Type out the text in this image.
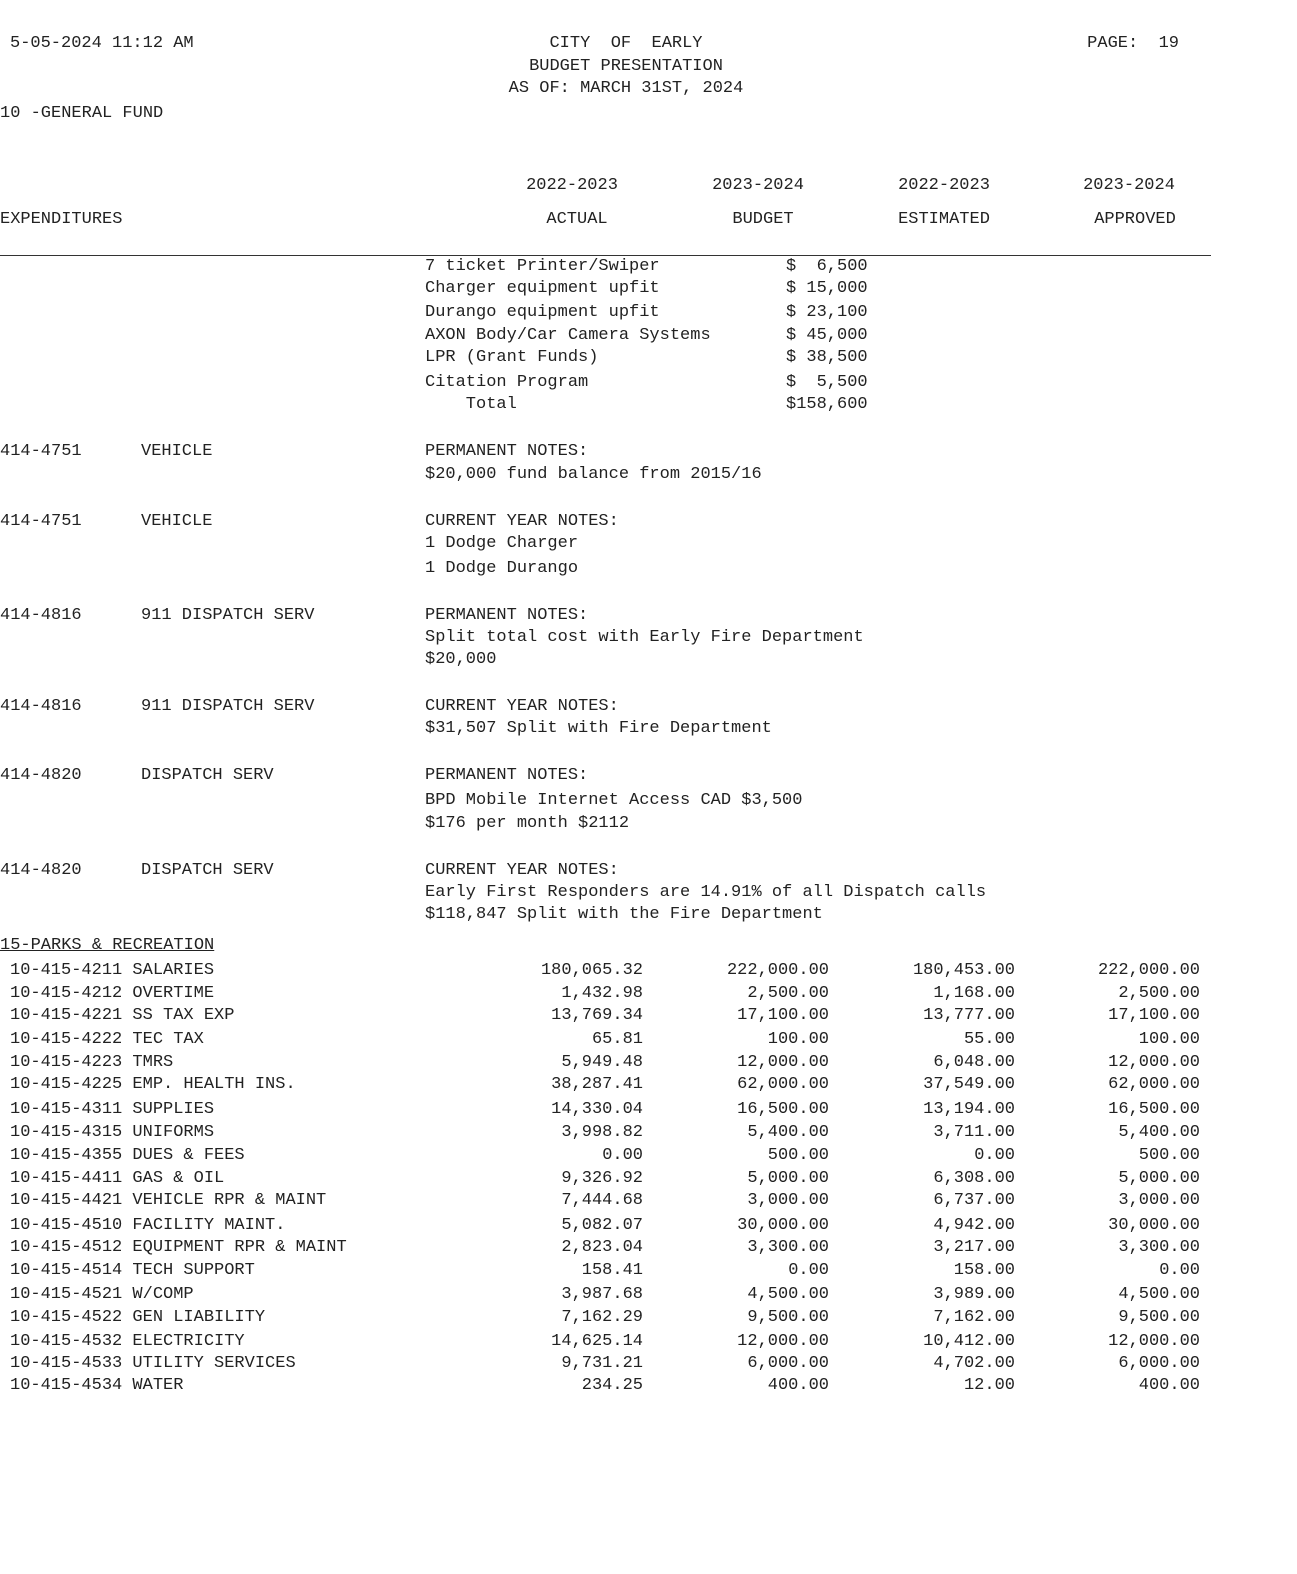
5-05-2024 11:12 AM	CITY  OF  EARLY
BUDGET PRESENTATION
AS OF: MARCH 31ST, 2024
PAGE:  19
10 -GENERAL FUND
EXPENDITURES
2022-2023	2023-2024	2022-2023	2023-2024
ACTUAL	BUDGET	ESTIMATED	APPROVED
7 ticket Printer/Swiper	$  6,500
Charger equipment upfit	$ 15,000
Durango equipment upfit	$ 23,100
AXON Body/Car Camera Systems	$ 45,000
LPR (Grant Funds)	$ 38,500
Citation Program	$  5,500
Total	$158,600
414-4751	VEHICLE	PERMANENT NOTES:
$20,000 fund balance from 2015/16
414-4751	VEHICLE	CURRENT YEAR NOTES:
1 Dodge Charger
1 Dodge Durango
414-4816	911 DISPATCH SERV	PERMANENT NOTES:
Split total cost with Early Fire Department
$20,000
414-4816	911 DISPATCH SERV	CURRENT YEAR NOTES:
$31,507 Split with Fire Department
414-4820	DISPATCH SERV	PERMANENT NOTES:
BPD Mobile Internet Access CAD $3,500
$176 per month $2112
414-4820	DISPATCH SERV	CURRENT YEAR NOTES:
Early First Responders are 14.91% of all Dispatch calls
$118,847 Split with the Fire Department
15-PARKS & RECREATION
10-415-4211 SALARIES	180,065.32	222,000.00	180,453.00	222,000.00
10-415-4212 OVERTIME	1,432.98	2,500.00	1,168.00	2,500.00
10-415-4221 SS TAX EXP	13,769.34	17,100.00	13,777.00	17,100.00
10-415-4222 TEC TAX	65.81	100.00	55.00	100.00
10-415-4223 TMRS	5,949.48	12,000.00	6,048.00	12,000.00
10-415-4225 EMP. HEALTH INS.	38,287.41	62,000.00	37,549.00	62,000.00
10-415-4311 SUPPLIES	14,330.04	16,500.00	13,194.00	16,500.00
10-415-4315 UNIFORMS	3,998.82	5,400.00	3,711.00	5,400.00
10-415-4355 DUES & FEES	0.00	500.00	0.00	500.00
10-415-4411 GAS & OIL	9,326.92	5,000.00	6,308.00	5,000.00
10-415-4421 VEHICLE RPR & MAINT	7,444.68	3,000.00	6,737.00	3,000.00
10-415-4510 FACILITY MAINT.	5,082.07	30,000.00	4,942.00	30,000.00
10-415-4512 EQUIPMENT RPR & MAINT	2,823.04	3,300.00	3,217.00	3,300.00
10-415-4514 TECH SUPPORT	158.41	0.00	158.00	0.00
10-415-4521 W/COMP	3,987.68	4,500.00	3,989.00	4,500.00
10-415-4522 GEN LIABILITY	7,162.29	9,500.00	7,162.00	9,500.00
10-415-4532 ELECTRICITY	14,625.14	12,000.00	10,412.00	12,000.00
10-415-4533 UTILITY SERVICES	9,731.21	6,000.00	4,702.00	6,000.00
10-415-4534 WATER	234.25	400.00	12.00	400.00
